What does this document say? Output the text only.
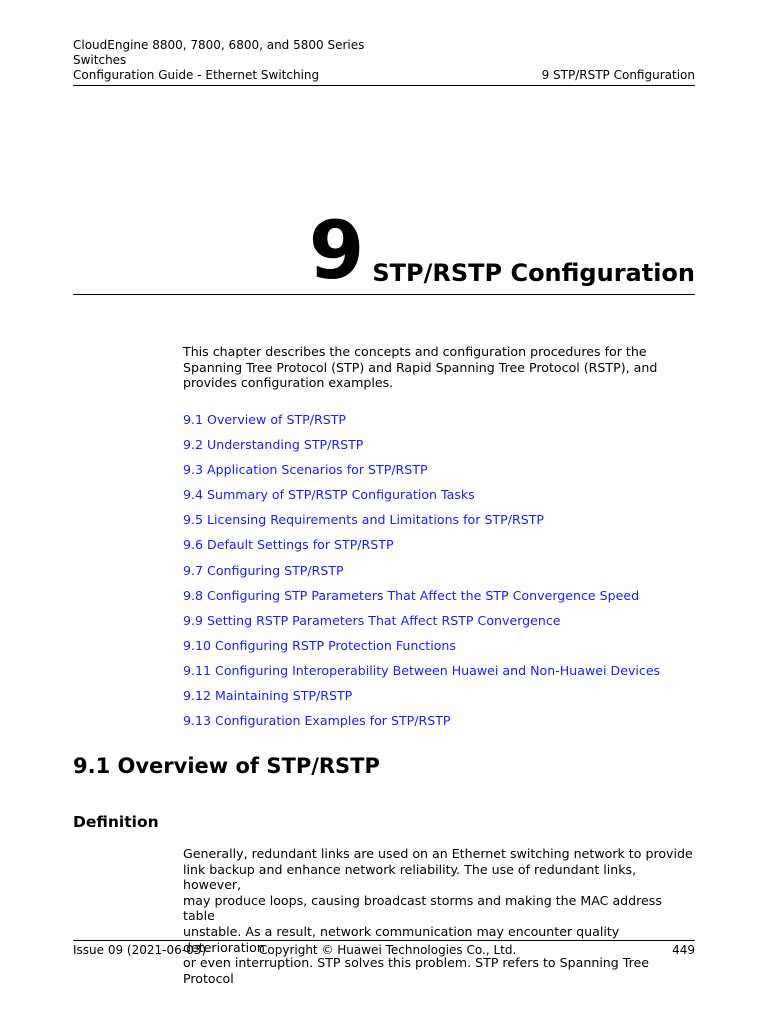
CloudEngine 8800, 7800, 6800, and 5800 Series
Switches
Configuration Guide - Ethernet Switching	9 STP/RSTP Configuration
9 STP/RSTP Configuration

This chapter describes the concepts and configuration procedures for the Spanning Tree Protocol (STP) and Rapid Spanning Tree Protocol (RSTP), and provides configuration examples.

9.1 Overview of STP/RSTP
9.2 Understanding STP/RSTP
9.3 Application Scenarios for STP/RSTP
9.4 Summary of STP/RSTP Configuration Tasks
9.5 Licensing Requirements and Limitations for STP/RSTP
9.6 Default Settings for STP/RSTP
9.7 Configuring STP/RSTP
9.8 Configuring STP Parameters That Affect the STP Convergence Speed
9.9 Setting RSTP Parameters That Affect RSTP Convergence
9.10 Configuring RSTP Protection Functions
9.11 Configuring Interoperability Between Huawei and Non-Huawei Devices
9.12 Maintaining STP/RSTP
9.13 Configuration Examples for STP/RSTP
9.1 Overview of STP/RSTP
Definition
Generally, redundant links are used on an Ethernet switching network to provide
link backup and enhance network reliability. The use of redundant links, however,
may produce loops, causing broadcast storms and making the MAC address table
unstable. As a result, network communication may encounter quality deterioration
or even interruption. STP solves this problem. STP refers to Spanning Tree Protocol
Issue 09 (2021-06-03)	Copyright © Huawei Technologies Co., Ltd.	449
